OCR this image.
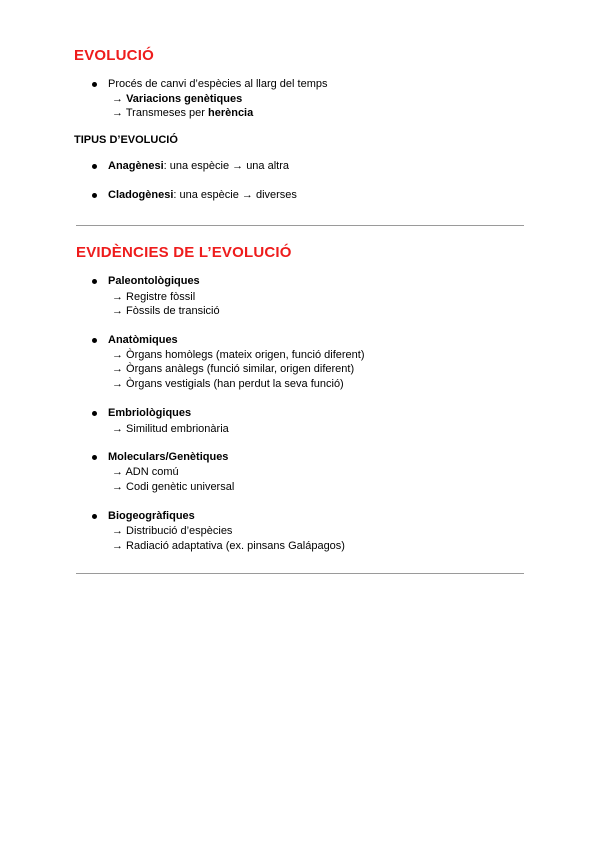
EVOLUCIÓ
Procés de canvi d’espècies al llarg del temps
→ Variacions genètiques
→ Transmeses per herència
TIPUS D’EVOLUCIÓ
Anagènesi: una espècie → una altra
Cladogènesi: una espècie → diverses
EVIDÈNCIES DE L’EVOLUCIÓ
Paleontològiques
→ Registre fòssil
→ Fòssils de transició
Anatòmiques
→ Òrgans homòlegs (mateix origen, funció diferent)
→ Òrgans anàlegs (funció similar, origen diferent)
→ Òrgans vestigials (han perdut la seva funció)
Embriològiques
→ Similitud embrionària
Moleculars/Genètiques
→ ADN comú
→ Codi genètic universal
Biogeogràfiques
→ Distribució d’espècies
→ Radiació adaptativa (ex. pinsans Galápagos)
